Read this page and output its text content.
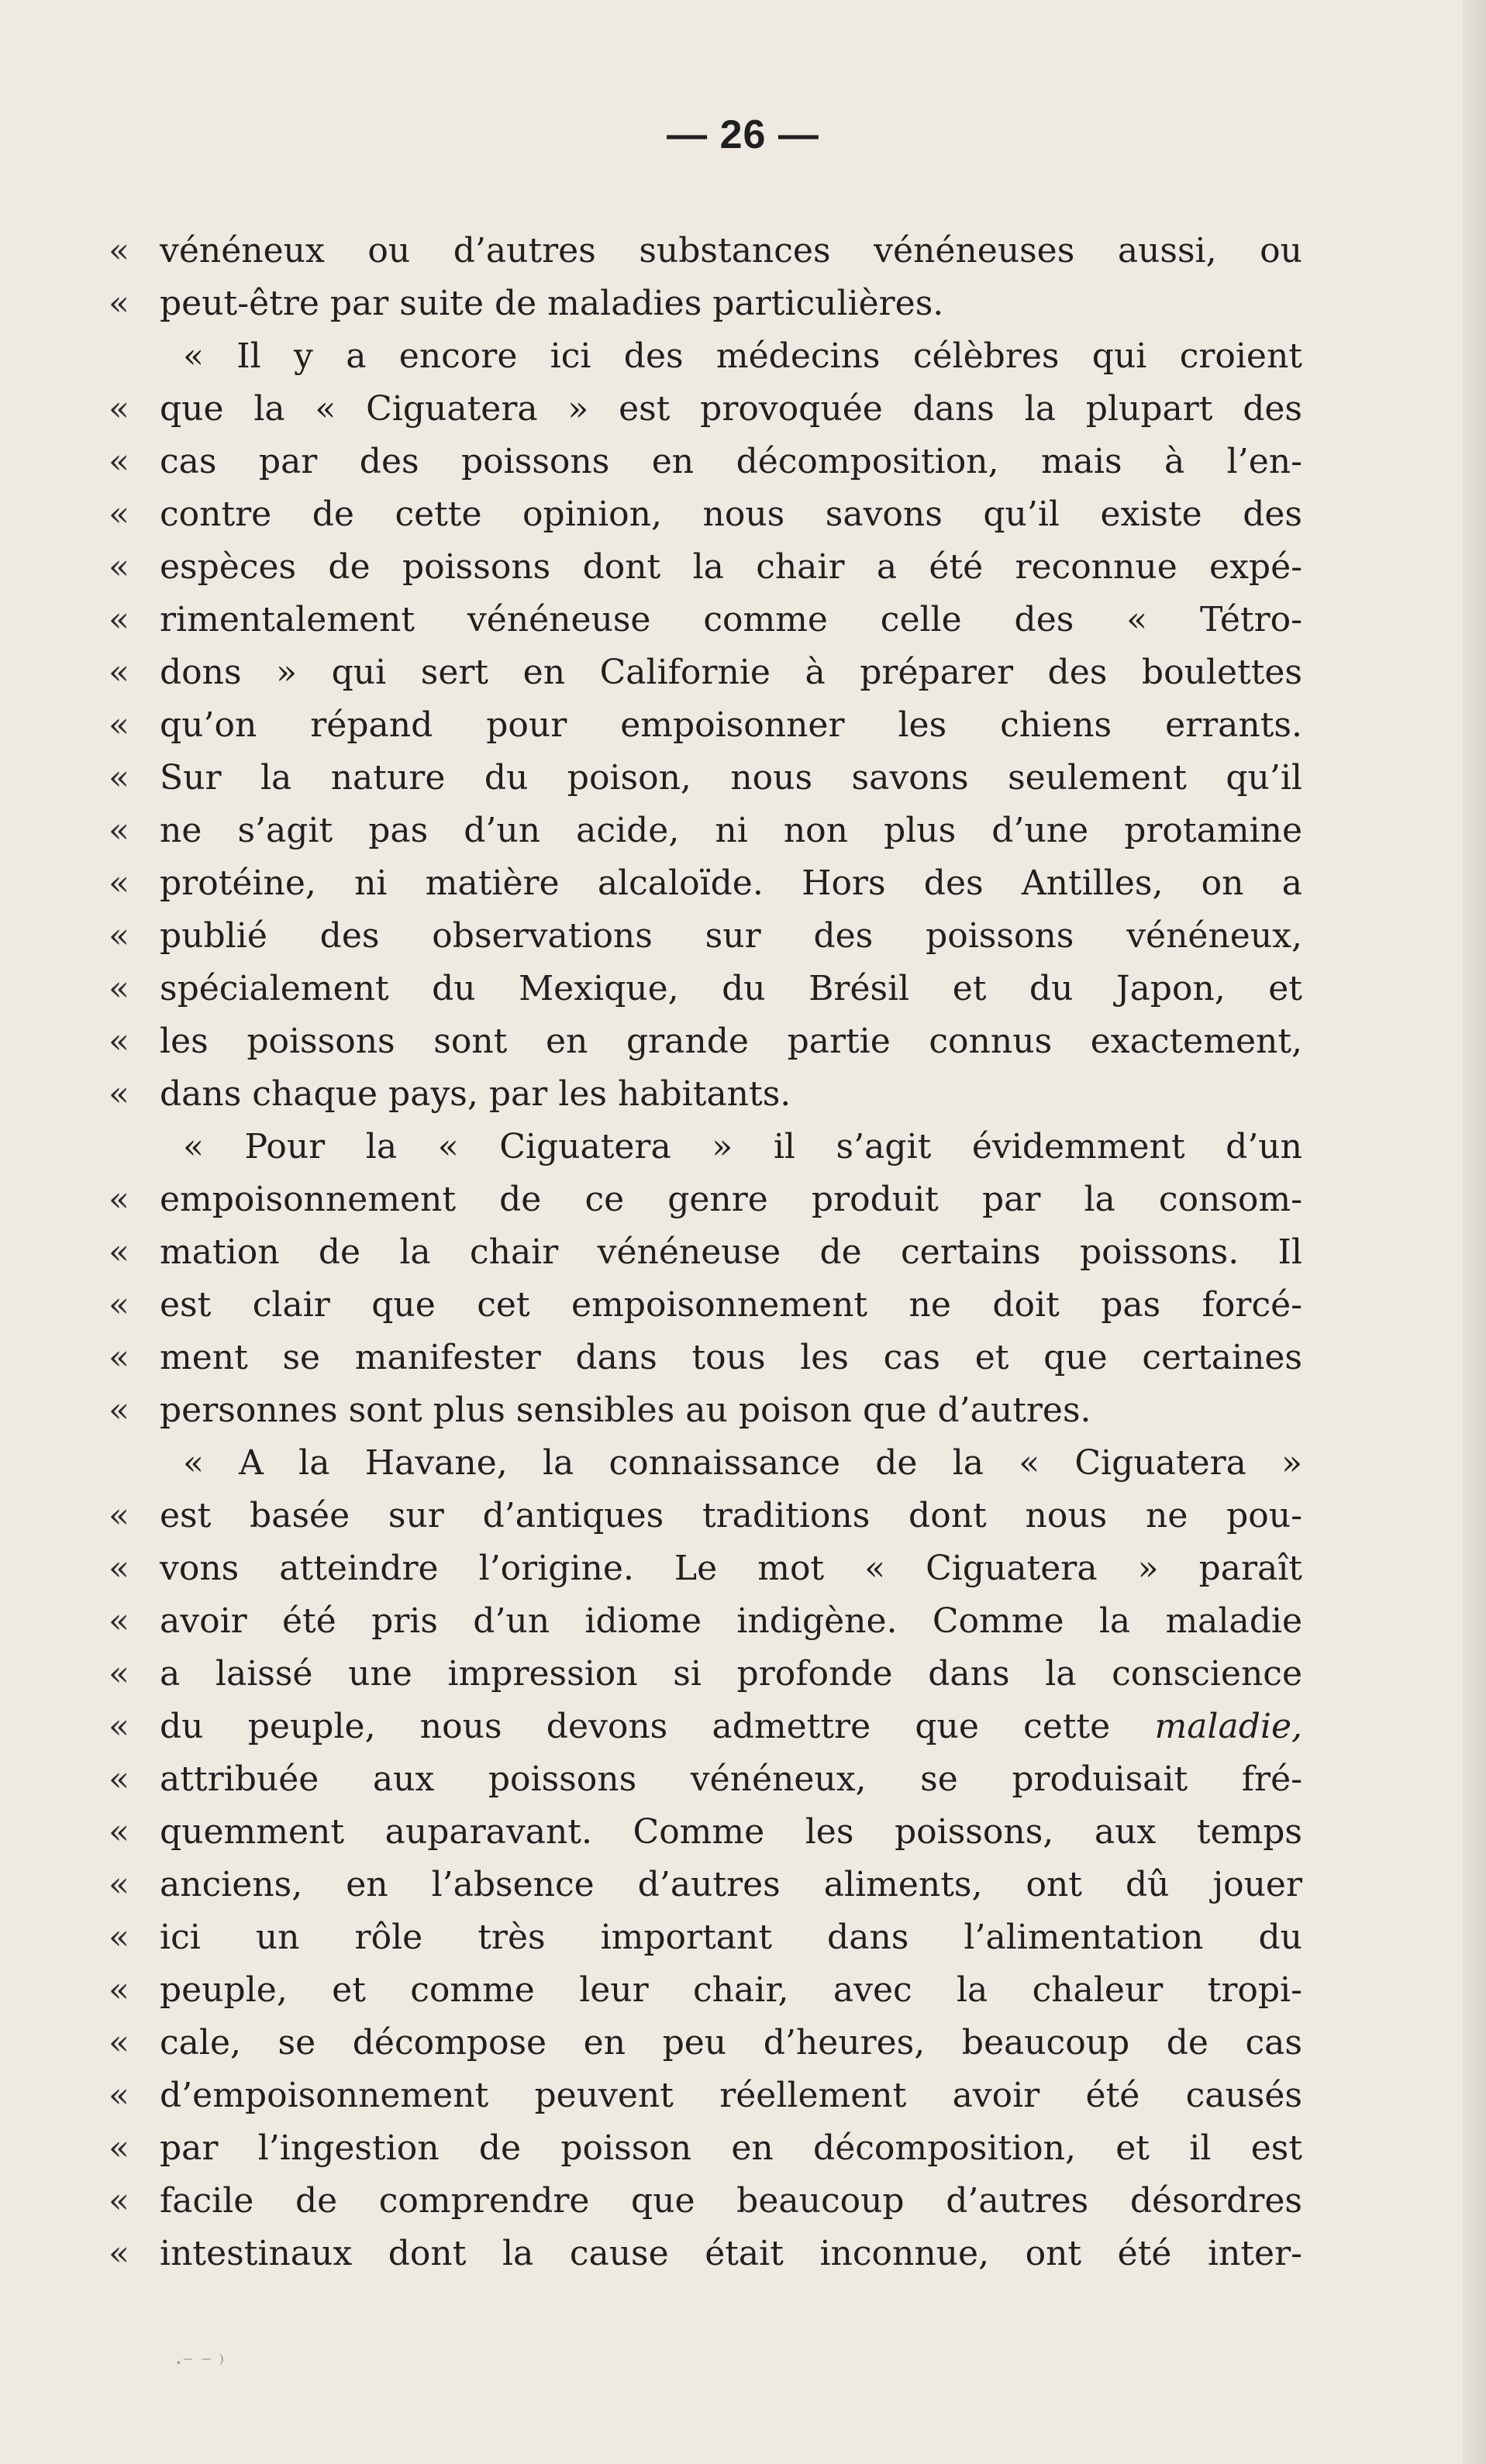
— 26 —
« vénéneux ou d’autres substances vénéneuses aussi, ou
« peut-être par suite de maladies particulières.
« Il y a encore ici des médecins célèbres qui croient
« que la « Ciguatera » est provoquée dans la plupart des
« cas par des poissons en décomposition, mais à l’en-
« contre de cette opinion, nous savons qu’il existe des
« espèces de poissons dont la chair a été reconnue expé-
« rimentalement vénéneuse comme celle des « Tétro-
« dons » qui sert en Californie à préparer des boulettes
« qu’on répand pour empoisonner les chiens errants.
« Sur la nature du poison, nous savons seulement qu’il
« ne s’agit pas d’un acide, ni non plus d’une protamine
« protéine, ni matière alcaloïde. Hors des Antilles, on a
« publié des observations sur des poissons vénéneux,
« spécialement du Mexique, du Brésil et du Japon, et
« les poissons sont en grande partie connus exactement,
« dans chaque pays, par les habitants.
« Pour la « Ciguatera » il s’agit évidemment d’un
« empoisonnement de ce genre produit par la consom-
« mation de la chair vénéneuse de certains poissons. Il
« est clair que cet empoisonnement ne doit pas forcé-
« ment se manifester dans tous les cas et que certaines
« personnes sont plus sensibles au poison que d’autres.
« A la Havane, la connaissance de la « Ciguatera »
« est basée sur d’antiques traditions dont nous ne pou-
« vons atteindre l’origine. Le mot « Ciguatera » paraît
« avoir été pris d’un idiome indigène. Comme la maladie
« a laissé une impression si profonde dans la conscience
« du peuple, nous devons admettre que cette maladie,
« attribuée aux poissons vénéneux, se produisait fré-
« quemment auparavant. Comme les poissons, aux temps
« anciens, en l’absence d’autres aliments, ont dû jouer
« ici un rôle très important dans l’alimentation du
« peuple, et comme leur chair, avec la chaleur tropi-
« cale, se décompose en peu d’heures, beaucoup de cas
« d’empoisonnement peuvent réellement avoir été causés
« par l’ingestion de poisson en décomposition, et il est
« facile de comprendre que beaucoup d’autres désordres
« intestinaux dont la cause était inconnue, ont été inter-
·⁻ ⁻ ⁾
